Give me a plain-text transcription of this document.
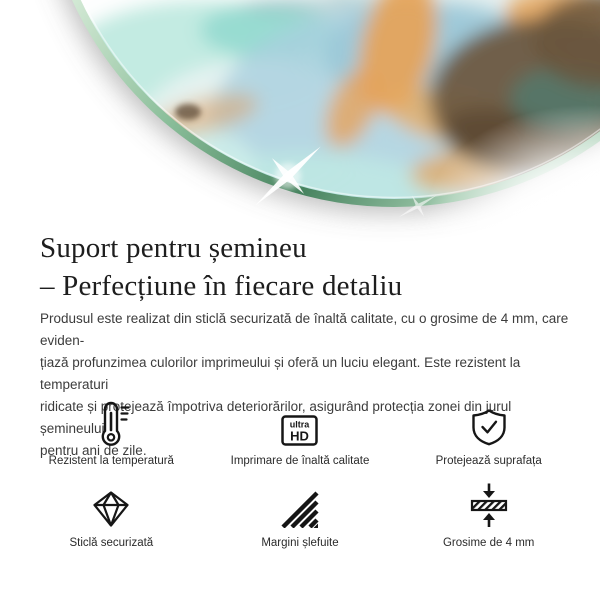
Suport pentru șemineu
– Perfecțiune în fiecare detaliu

Produsul este realizat din sticlă securizată de înaltă calitate, cu o grosime de 4 mm, care eviden-
țiază profunzimea culorilor imprimeului și oferă un luciu elegant. Este rezistent la temperaturi
ridicate și protejează împotriva deteriorărilor, asigurând protecția zonei din jurul șemineului
pentru ani de zile.

Rezistent la temperatură
ultra
HD
Imprimare de înaltă calitate	Protejează suprafața
Sticlă securizată	Margini șlefuite	Grosime de 4 mm
